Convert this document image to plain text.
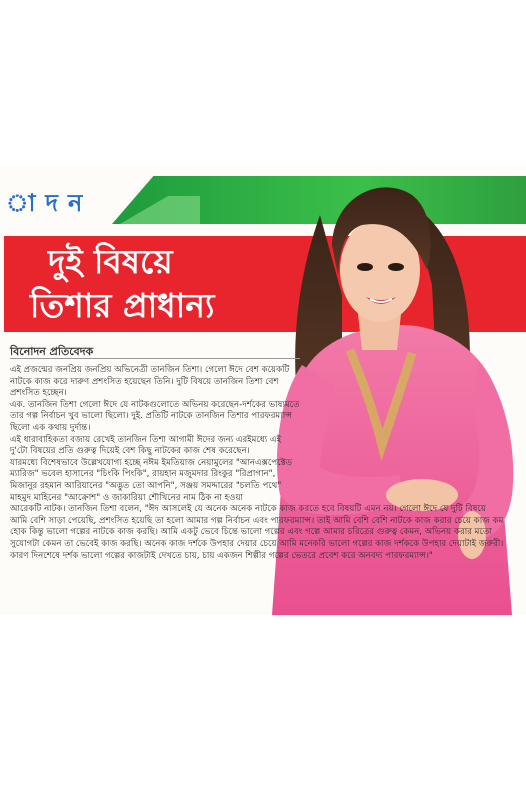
াদন
দুই বিষয়ে
তিশার প্রাধান্য
বিনোদন প্রতিবেদক

এই প্রজন্মের জনপ্রিয় জনপ্রিয় অভিনেত্রী তানজিন তিশা। গেলো ঈদে বেশ কয়েকটি নাটকে কাজ করে দারুণ প্রশংসিত হয়েছেন তিনি। দুটি বিষয়ে তানজিন তিশা বেশ প্রশংসিত হচ্ছেন।

এক. তানজিন তিশা গেলো ঈদে যে নাটকগুলোতে অভিনয় করেছেন-দর্শকের ভাষ্যমতে তার গল্প নির্বাচন খুব ভালো ছিলো। দুই. প্রতিটি নাটকে তানজিন তিশার পারফরম্যান্স ছিলো এক কথায় দুর্দান্ত।

এই ধারাবাহিকতা বজায় রেখেই তানজিন তিশা আগামী ঈদের জন্য এরইমধ্যে এই দু'টো বিষয়ের প্রতি গুরুত্ব দিয়েই বেশ কিছু নাটকের কাজ শেষ করেছেন।

যারমধ্যে বিশেষভাবে উল্লেখযোগ্য হচ্ছে নঈম ইমতিয়াজ নেয়ামুলের "আনএক্সপেক্টেড ম্যারিজ" ভবেল হাসানের "চিংকি পিংকি", রায়হান মজুমদার রিংকুর "রিপ্রাগান", মিজানুর রহমান আরিয়ানের "অদ্ভুত তো আপনি", সঞ্জয় সমদ্দারের "চলতি পথে" মাহমুদ মাহিনের "আক্রোশ" ও জাকারিয়া শৌখিনের নাম ঠিক না হওয়া

আরেকটি নাটক। তানজিন তিশা বলেন, "ঈদ আসলেই যে অনেক অনেক নাটকে কাজ করতে হবে বিষয়টি এমন নয়। গেলো ঈদে যে দুটি বিষয়ে আমি বেশি সাড়া পেয়েছি, প্রশংসিত হয়েছি তা হলো আমার গল্প নির্বাচন এবং পারফরম্যান্স। তাই আমি বেশি বেশি নাটকে কাজ করার চেয়ে কাজ কম হোক কিন্তু ভালো গল্পের নাটকে কাজ করছি। আমি একটু ভেবে চিন্তে ভালো গল্পের এবং গল্পে আমার চরিত্রের গুরুত্ব কেমন, অভিনয় করার মতো সুযোগটা কেমন তা ভেবেই কাজ করছি। অনেক কাজ দর্শকে উপহার দেয়ার চেয়ে আমি মনেকরি ভালো গল্পের কাজ দর্শককে উপহার দেয়াটাই জরুরী। কারণ দিনশেষে দর্শক ভালো গল্পের কাজটাই দেখতে চায়, চায় একজন শিল্পীর গল্পের ভেতরে প্রবেশ করে অনবদ্য পারফরম্যান্স।"
